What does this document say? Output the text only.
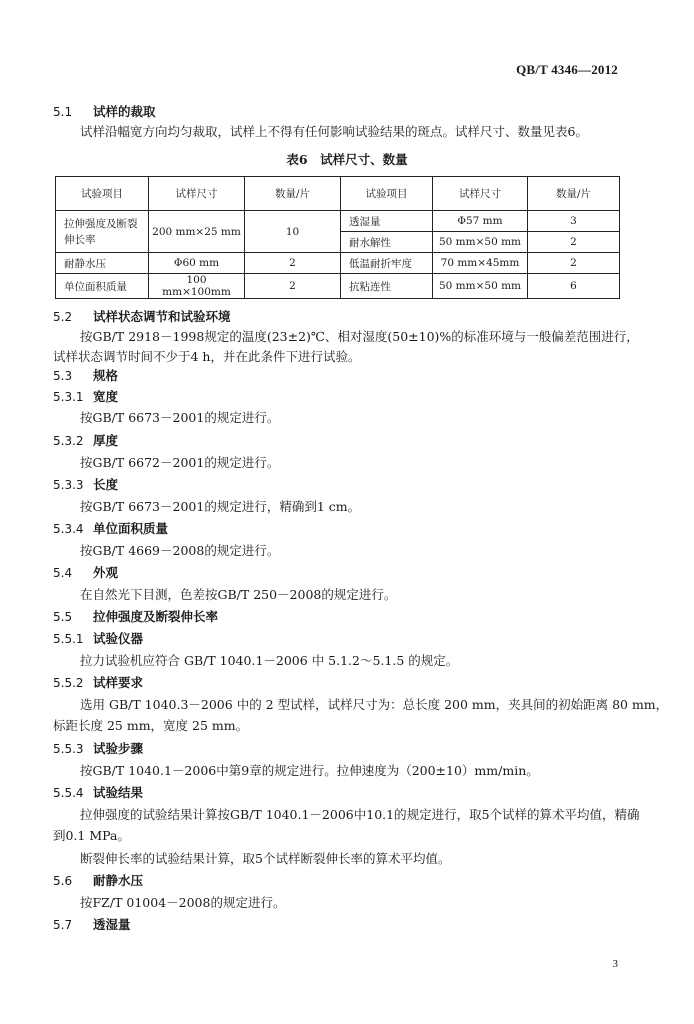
QB/T 4346—2012
5.1 试样的裁取
试样沿幅宽方向均匀裁取，试样上不得有任何影响试验结果的斑点。试样尺寸、数量见表6。
表6　试样尺寸、数量
试验项目	试样尺寸	数量/片	试验项目	试样尺寸	数量/片
拉伸强度及断裂伸长率	200 mm×25 mm	10	透湿量	Φ57 mm	3
			耐水解性	50 mm×50 mm	2
耐静水压	Φ60 mm	2	低温耐折牢度	70 mm×45mm	2
单位面积质量	100 mm×100mm	2	抗粘连性	50 mm×50 mm	6
5.2 试样状态调节和试验环境
按GB/T 2918－1998规定的温度(23±2)℃、相对湿度(50±10)%的标准环境与一般偏差范围进行，
试样状态调节时间不少于4 h，并在此条件下进行试验。
5.3 规格
5.3.1 宽度
按GB/T 6673－2001的规定进行。
5.3.2 厚度
按GB/T 6672－2001的规定进行。
5.3.3 长度
按GB/T 6673－2001的规定进行，精确到1 cm。
5.3.4 单位面积质量
按GB/T 4669－2008的规定进行。
5.4 外观
在自然光下目测，色差按GB/T 250－2008的规定进行。
5.5 拉伸强度及断裂伸长率
5.5.1 试验仪器
拉力试验机应符合 GB/T 1040.1－2006 中 5.1.2～5.1.5 的规定。
5.5.2 试样要求
选用 GB/T 1040.3－2006 中的 2 型试样，试样尺寸为：总长度 200 mm，夹具间的初始距离 80 mm，
标距长度 25 mm，宽度 25 mm。
5.5.3 试验步骤
按GB/T 1040.1－2006中第9章的规定进行。拉伸速度为（200±10）mm/min。
5.5.4 试验结果
拉伸强度的试验结果计算按GB/T 1040.1－2006中10.1的规定进行，取5个试样的算术平均值，精确
到0.1 MPa。
断裂伸长率的试验结果计算，取5个试样断裂伸长率的算术平均值。
5.6 耐静水压
按FZ/T 01004－2008的规定进行。
5.7 透湿量
3
